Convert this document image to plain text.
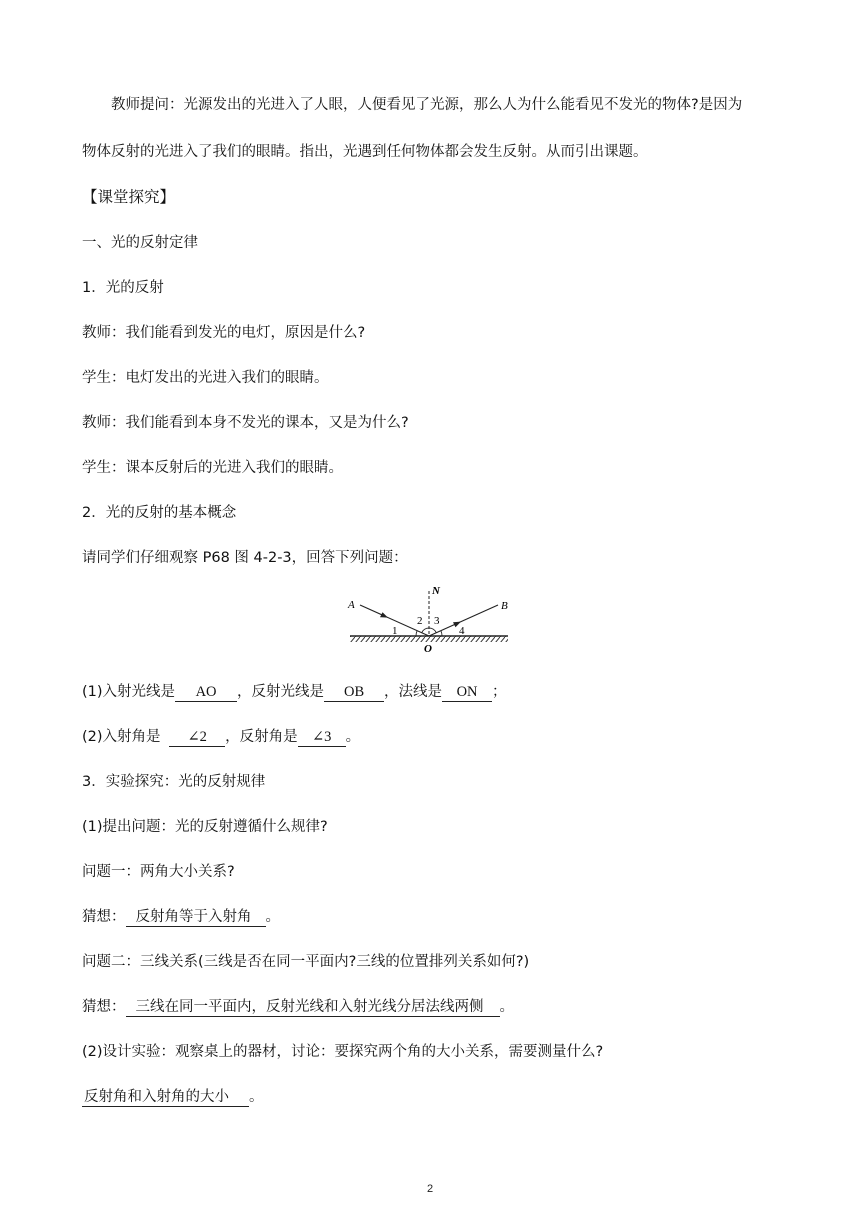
教师提问：光源发出的光进入了人眼，人便看见了光源，那么人为什么能看见不发光的物体?是因为
物体反射的光进入了我们的眼睛。指出，光遇到任何物体都会发生反射。从而引出课题。
【课堂探究】
一、光的反射定律
1．光的反射
教师：我们能看到发光的电灯，原因是什么?
学生：电灯发出的光进入我们的眼睛。
教师：我们能看到本身不发光的课本，又是为什么?
学生：课本反射后的光进入我们的眼睛。
2．光的反射的基本概念
请同学们仔细观察 P68 图 4-2-3，回答下列问题：
A	B
N
O
1
2 3
4
(1)入射光线是 AO ，反射光线是 OB ，法线是 ON ；
(2)入射角是 ∠2 ，反射角是 ∠3 。
3．实验探究：光的反射规律
(1)提出问题：光的反射遵循什么规律?
问题一：两角大小关系?
猜想： 反射角等于入射角 。
问题二：三线关系(三线是否在同一平面内?三线的位置排列关系如何?)
猜想： 三线在同一平面内，反射光线和入射光线分居法线两侧 。
(2)设计实验：观察桌上的器材，讨论：要探究两个角的大小关系，需要测量什么?
反射角和入射角的大小 。
2
